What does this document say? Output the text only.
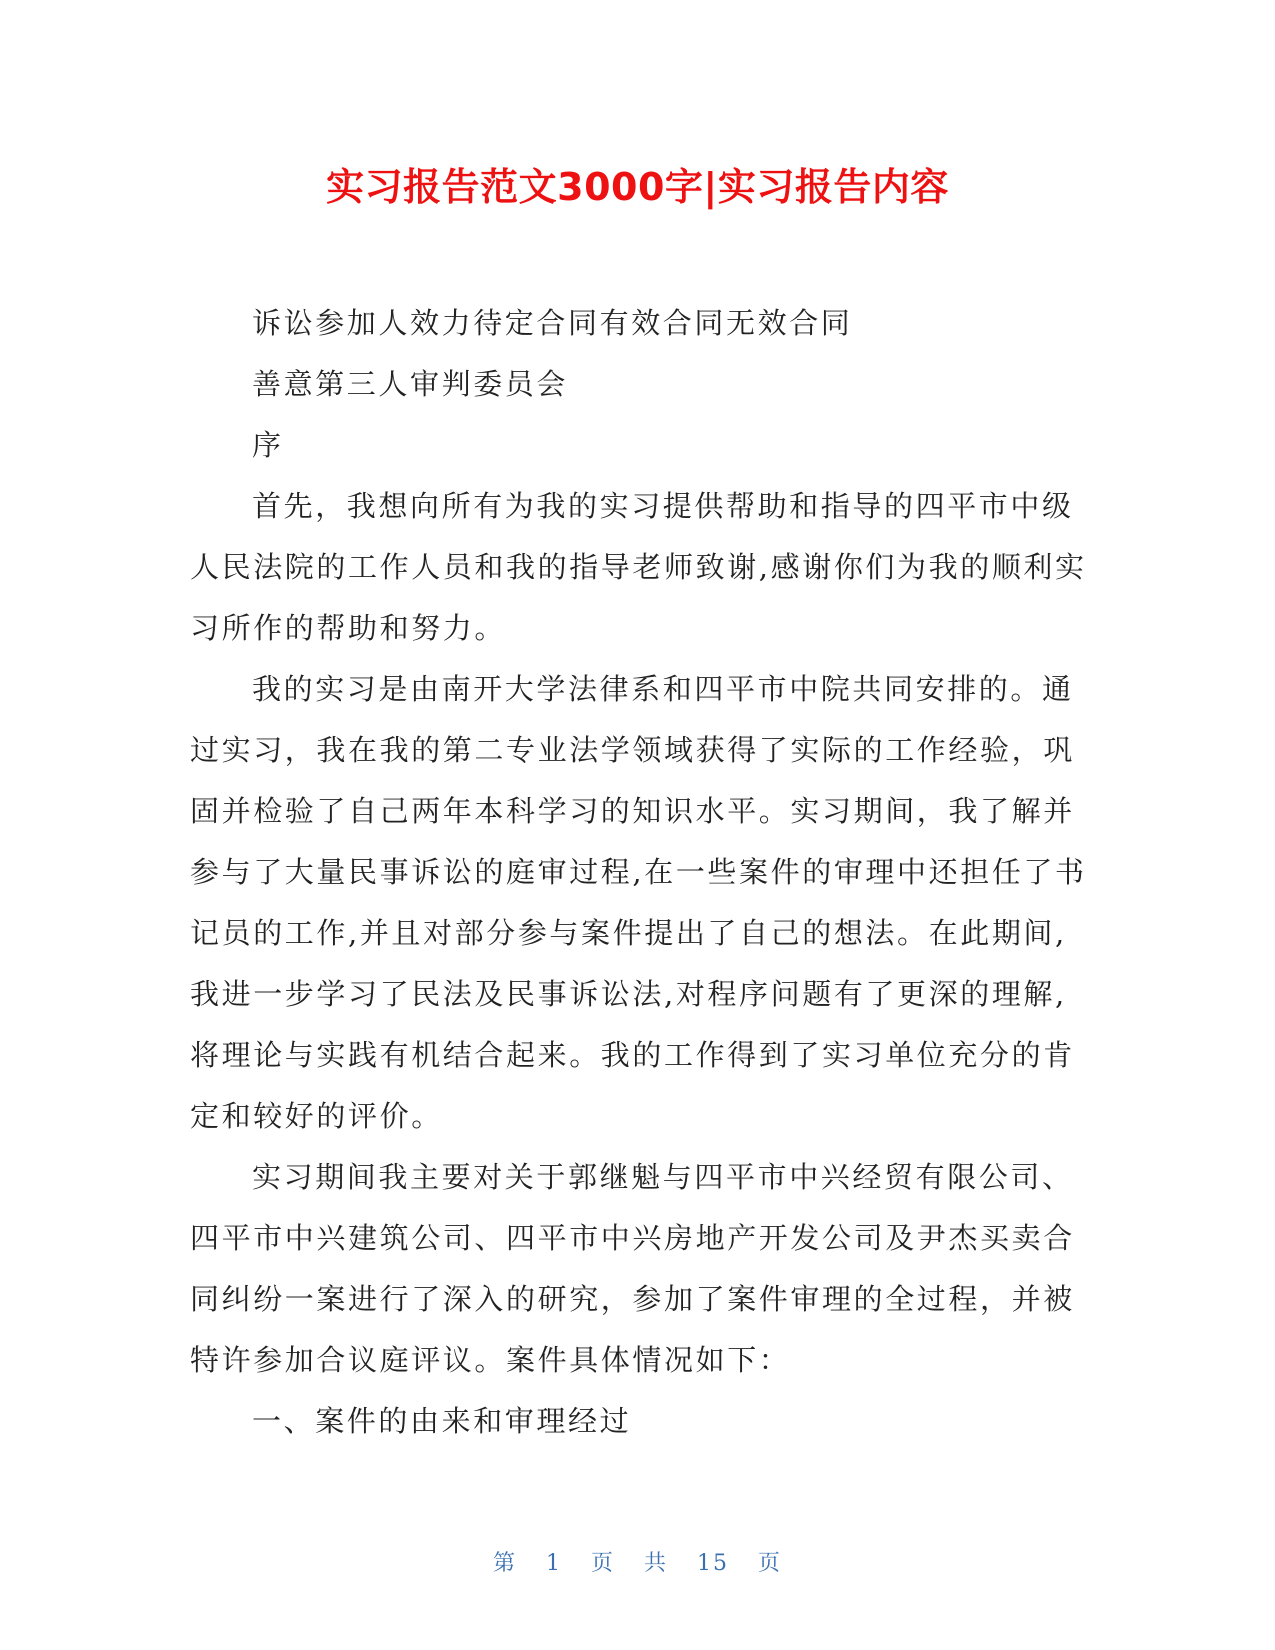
实习报告范文3000字|实习报告内容
诉讼参加人效力待定合同有效合同无效合同
善意第三人审判委员会
序
首先，我想向所有为我的实习提供帮助和指导的四平市中级
人民法院的工作人员和我的指导老师致谢,感谢你们为我的顺利实
习所作的帮助和努力。
我的实习是由南开大学法律系和四平市中院共同安排的。通
过实习，我在我的第二专业法学领域获得了实际的工作经验，巩
固并检验了自己两年本科学习的知识水平。实习期间，我了解并
参与了大量民事诉讼的庭审过程,在一些案件的审理中还担任了书
记员的工作,并且对部分参与案件提出了自己的想法。在此期间,
我进一步学习了民法及民事诉讼法,对程序问题有了更深的理解,
将理论与实践有机结合起来。我的工作得到了实习单位充分的肯
定和较好的评价。
实习期间我主要对关于郭继魁与四平市中兴经贸有限公司、
四平市中兴建筑公司、四平市中兴房地产开发公司及尹杰买卖合
同纠纷一案进行了深入的研究，参加了案件审理的全过程，并被
特许参加合议庭评议。案件具体情况如下：
一、案件的由来和审理经过
第 1 页 共 15 页
